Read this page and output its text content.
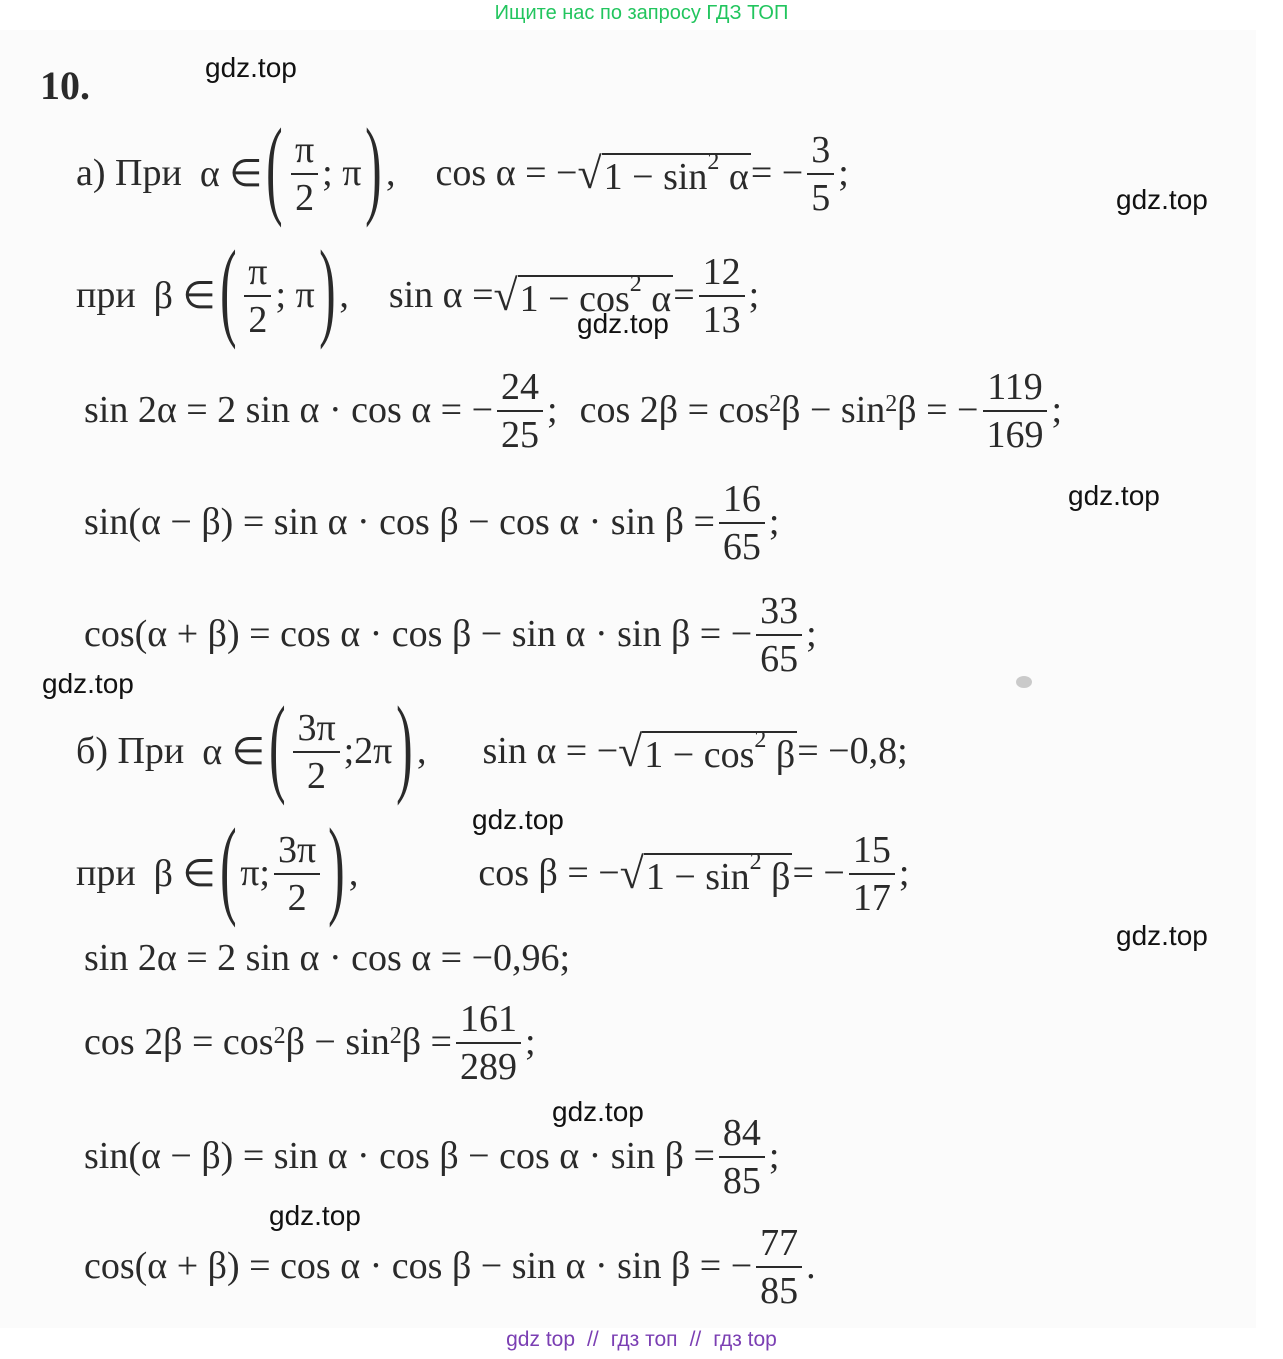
Ищите нас по запросу ГДЗ ТОП
10.	gdz.top
gdz.top
gdz.top
gdz.top
gdz.top
gdz.top
gdz.top
gdz.top
gdz.top
а) При α ∈ ( $\frac{\pi}{2}$ ; π ) , cos α = − √ $1 - \sin^2 \alpha$ = − $\frac{3}{5}$ ;
при β ∈ ( $\frac{\pi}{2}$ ; π ) , sin α = √ $1 - \cos^2 \alpha = \frac{12}{13}$ ;
sin 2α = 2 sin α · cos α = − $\frac{24}{25}$ ; $\cos 2\beta = \cos^2 \beta - \sin^2 \beta$ = − $\frac{119}{169}$ ;
$\sin(\alpha - \beta) = \sin \alpha \cdot \cos \beta - \cos \alpha \cdot \sin \beta = \frac{16}{65}$ ;
cos(α + β) = cos α · cos β − sin α · sin β = − $\frac{33}{65}$ ;
б) При α ∈ ( $\frac{3\pi}{2}$ ;2π ) , sin α = − √ $1 - \cos^2 \beta = -0,8$;
при β ∈ ( π; $\frac{3\pi}{2}$ ) ,	cos β = − √ $1 - \sin^2 \beta$ = − $\frac{15}{17}$ ;
sin 2α = 2 sin α · cos α = −0,96;
$\cos 2\beta = \cos^2 \beta - \sin^2 \beta = \frac{161}{289}$ ;
$\sin(\alpha - \beta) = \sin \alpha \cdot \cos \beta - \cos \alpha \cdot \sin \beta = \frac{84}{85}$ ;
cos(α + β) = cos α · cos β − sin α · sin β = − $\frac{77}{85}$ .
gdz top // гдз топ // гдз top
